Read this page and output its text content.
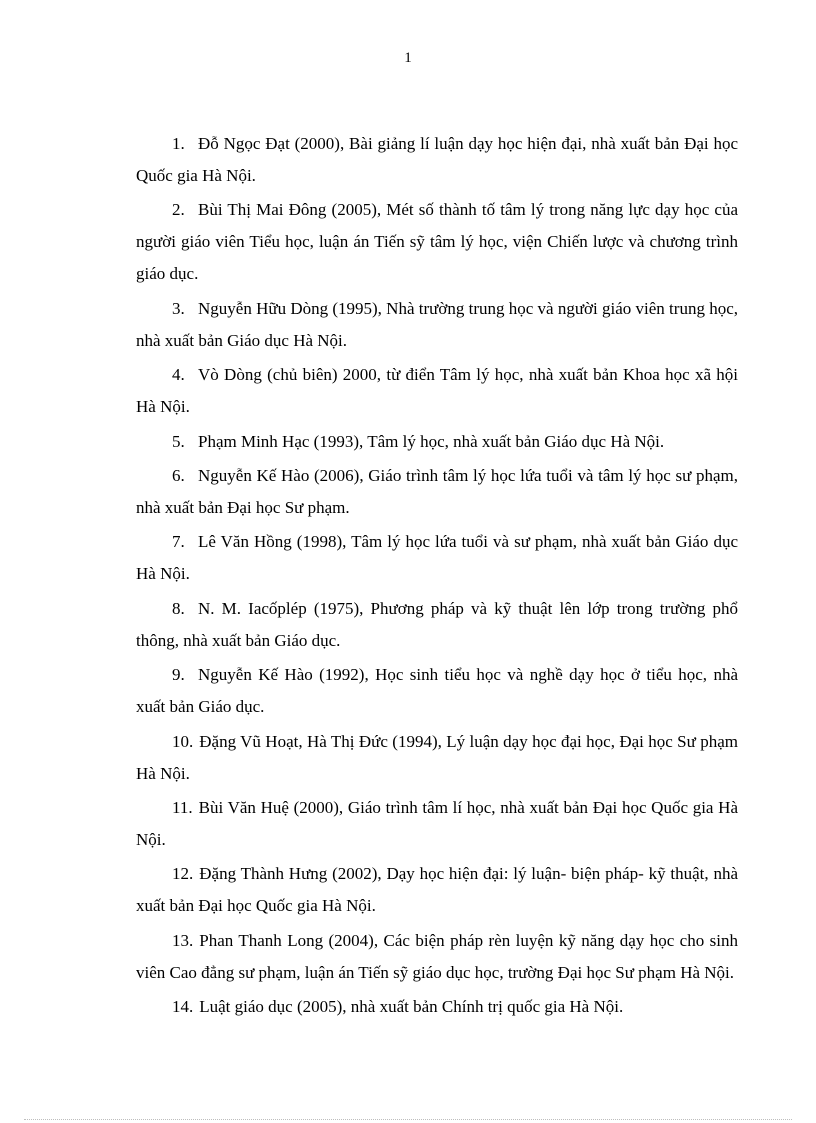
1
1. Đỗ Ngọc Đạt (2000), Bài giảng lí luận dạy học hiện đại, nhà xuất bản Đại học Quốc gia Hà Nội.
2. Bùi Thị Mai Đông (2005), Mét số thành tố tâm lý trong năng lực dạy học của người giáo viên Tiểu học, luận án Tiến sỹ tâm lý học, viện Chiến lược và chương trình giáo dục.
3. Nguyễn Hữu Dòng (1995), Nhà trường trung học và người giáo viên trung học, nhà xuất bản Giáo dục Hà Nội.
4. Vò Dòng (chủ biên) 2000, từ điển Tâm lý học, nhà xuất bản Khoa học xã hội Hà Nội.
5. Phạm Minh Hạc (1993), Tâm lý học, nhà xuất bản Giáo dục Hà Nội.
6. Nguyễn Kế Hào (2006), Giáo trình tâm lý học lứa tuổi và tâm lý học sư phạm, nhà xuất bản Đại học Sư phạm.
7. Lê Văn Hồng (1998), Tâm lý học lứa tuổi và sư phạm, nhà xuất bản Giáo dục Hà Nội.
8. N. M. Iacốplép (1975), Phương pháp và kỹ thuật lên lớp trong trường phổ thông, nhà xuất bản Giáo dục.
9. Nguyễn Kế Hào (1992), Học sinh tiểu học và nghề dạy học ở tiểu học, nhà xuất bản Giáo dục.
10. Đặng Vũ Hoạt, Hà Thị Đức (1994), Lý luận dạy học đại học, Đại học Sư phạm Hà Nội.
11. Bùi Văn Huệ (2000), Giáo trình tâm lí học, nhà xuất bản Đại học Quốc gia Hà Nội.
12. Đặng Thành Hưng (2002), Dạy học hiện đại: lý luận- biện pháp- kỹ thuật, nhà xuất bản Đại học Quốc gia Hà Nội.
13. Phan Thanh Long (2004), Các biện pháp rèn luyện kỹ năng dạy học cho sinh viên Cao đẳng sư phạm, luận án Tiến sỹ giáo dục học, trường Đại học Sư phạm Hà Nội.
14. Luật giáo dục (2005), nhà xuất bản Chính trị quốc gia Hà Nội.
